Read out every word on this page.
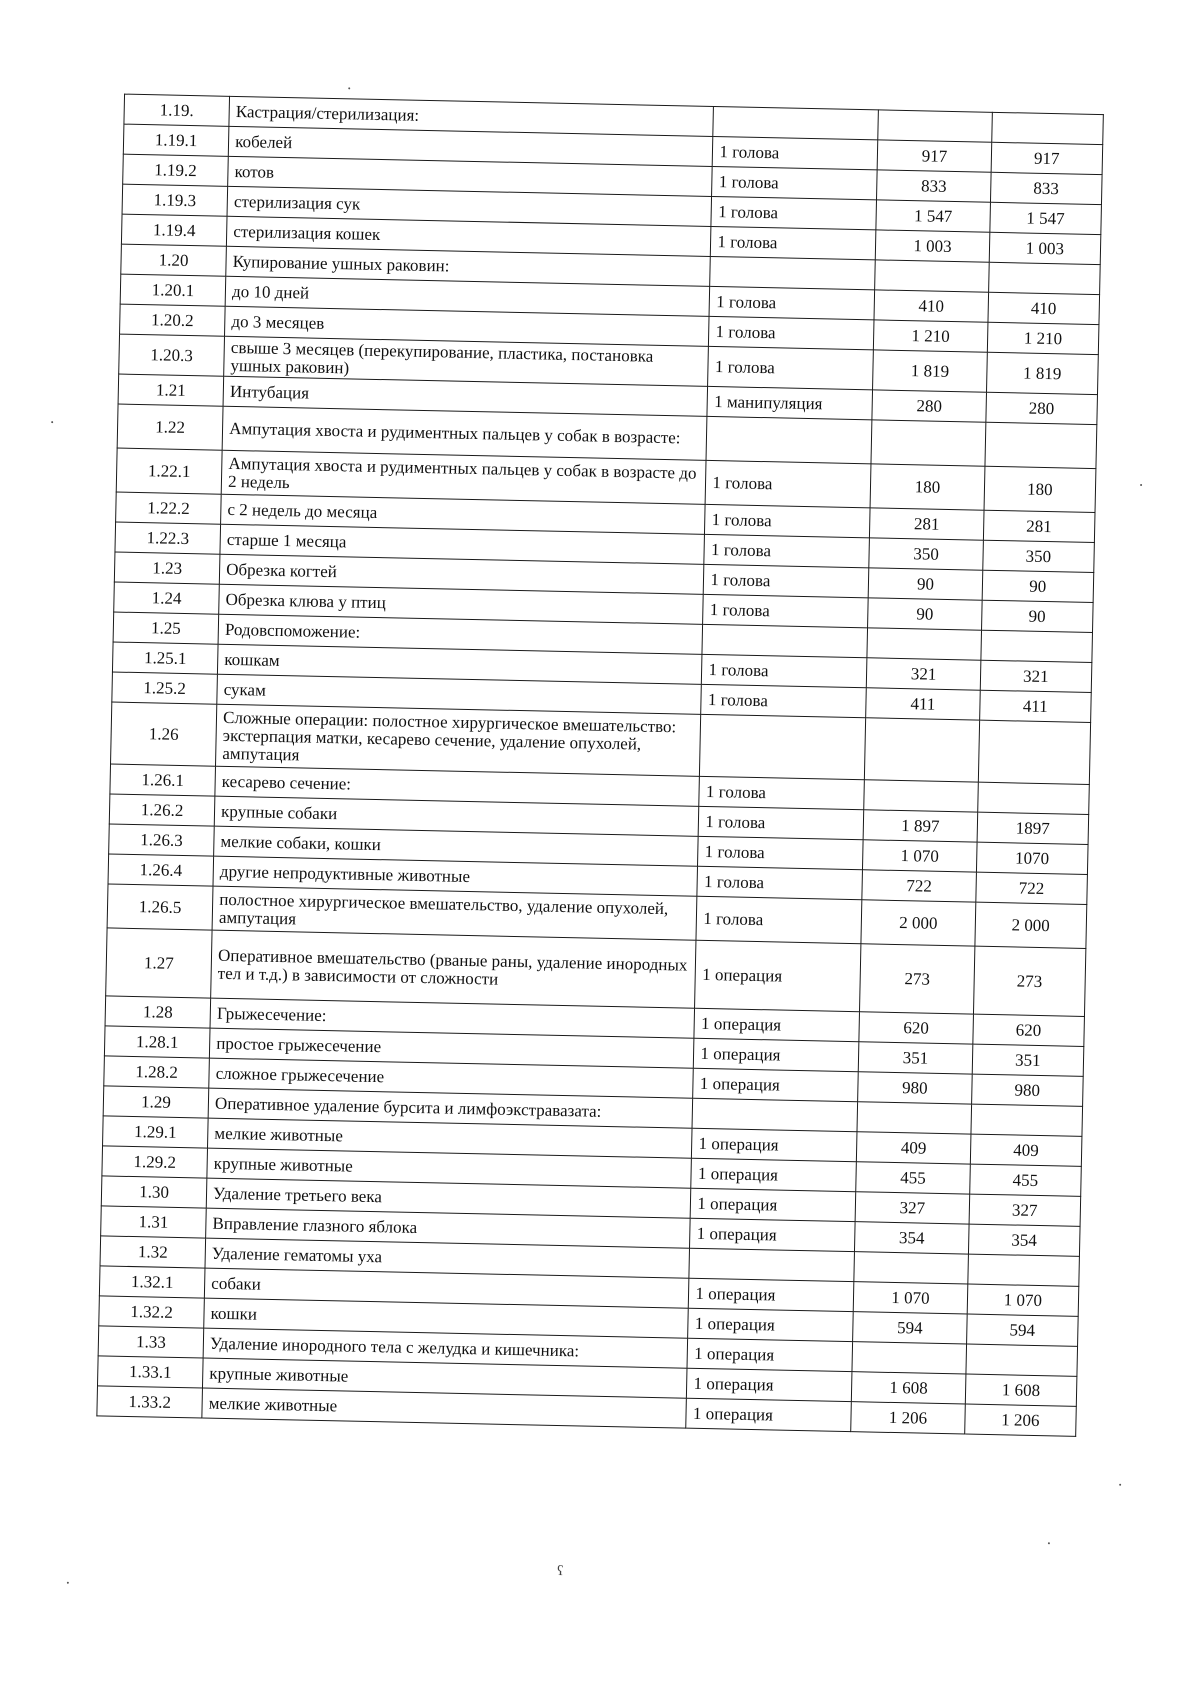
1.19.	Кастрация/стерилизация:			
1.19.1	кобелей	1 голова	917	917
1.19.2	котов	1 голова	833	833
1.19.3	стерилизация сук	1 голова	1 547	1 547
1.19.4	стерилизация кошек	1 голова	1 003	1 003
1.20	Купирование ушных раковин:			
1.20.1	до 10 дней	1 голова	410	410
1.20.2	до 3 месяцев	1 голова	1 210	1 210
1.20.3	свыше 3 месяцев (перекупирование, пластика, постановка ушных раковин)	1 голова	1 819	1 819
1.21	Интубация	1 манипуляция	280	280
1.22	Ампутация хвоста и рудиментных пальцев у собак в возрасте:			
1.22.1	Ампутация хвоста и рудиментных пальцев у собак в возрасте до 2 недель	1 голова	180	180
1.22.2	с 2 недель до месяца	1 голова	281	281
1.22.3	старше 1 месяца	1 голова	350	350
1.23	Обрезка когтей	1 голова	90	90
1.24	Обрезка клюва у птиц	1 голова	90	90
1.25	Родовспоможение:			
1.25.1	кошкам	1 голова	321	321
1.25.2	сукам	1 голова	411	411
1.26	Сложные операции: полостное хирургическое вмешательство: экстерпация матки, кесарево сечение, удаление опухолей, ампутация			
1.26.1	кесарево сечение:	1 голова		
1.26.2	крупные собаки	1 голова	1 897	1897
1.26.3	мелкие собаки, кошки	1 голова	1 070	1070
1.26.4	другие непродуктивные животные	1 голова	722	722
1.26.5	полостное хирургическое вмешательство, удаление опухолей, ампутация	1 голова	2 000	2 000
1.27	Оперативное вмешательство (рваные раны, удаление инородных тел и т.д.) в зависимости от сложности	1 операция	273	273
1.28	Грыжесечение:	1 операция	620	620
1.28.1	простое грыжесечение	1 операция	351	351
1.28.2	сложное грыжесечение	1 операция	980	980
1.29	Оперативное удаление бурсита и лимфоэкстравазата:			
1.29.1	мелкие животные	1 операция	409	409
1.29.2	крупные животные	1 операция	455	455
1.30	Удаление третьего века	1 операция	327	327
1.31	Вправление глазного яблока	1 операция	354	354
1.32	Удаление гематомы уха			
1.32.1	собаки	1 операция	1 070	1 070
1.32.2	кошки	1 операция	594	594
1.33	Удаление инородного тела с желудка и кишечника:	1 операция		
1.33.1	крупные животные	1 операция	1 608	1 608
1.33.2	мелкие животные	1 операция	1 206	1 206
ʕ
